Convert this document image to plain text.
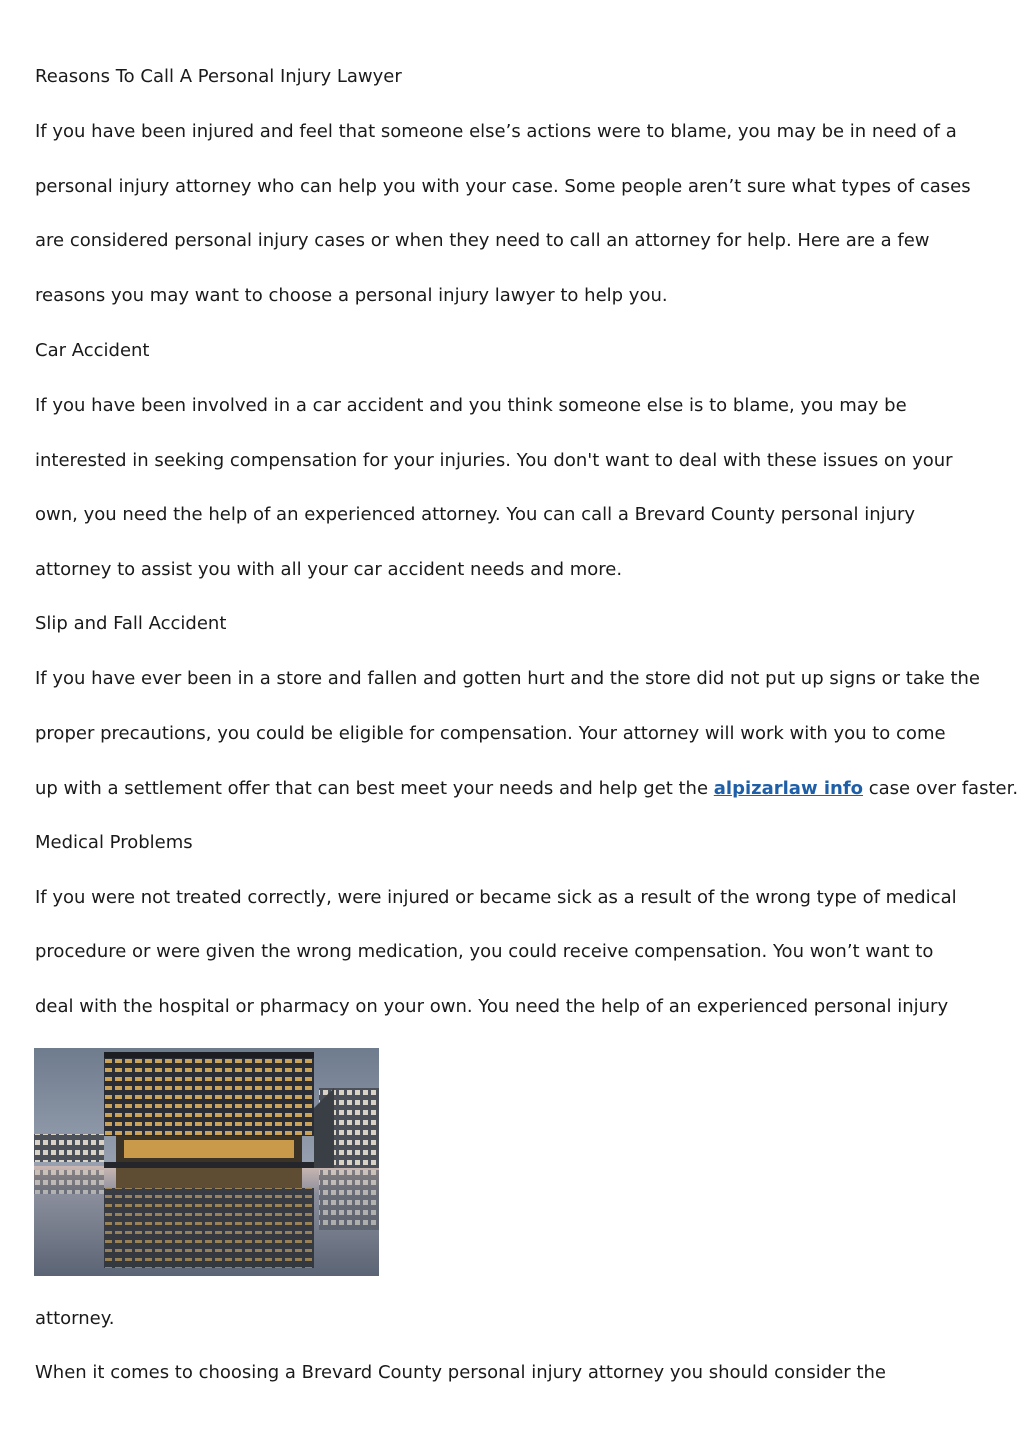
Reasons To Call A Personal Injury Lawyer
If you have been injured and feel that someone else’s actions were to blame, you may be in need of a
personal injury attorney who can help you with your case. Some people aren’t sure what types of cases
are considered personal injury cases or when they need to call an attorney for help. Here are a few
reasons you may want to choose a personal injury lawyer to help you.
Car Accident
If you have been involved in a car accident and you think someone else is to blame, you may be
interested in seeking compensation for your injuries. You don't want to deal with these issues on your
own, you need the help of an experienced attorney. You can call a Brevard County personal injury
attorney to assist you with all your car accident needs and more.
Slip and Fall Accident
If you have ever been in a store and fallen and gotten hurt and the store did not put up signs or take the
proper precautions, you could be eligible for compensation. Your attorney will work with you to come
up with a settlement offer that can best meet your needs and help get the alpizarlaw info case over faster.
Medical Problems
If you were not treated correctly, were injured or became sick as a result of the wrong type of medical
procedure or were given the wrong medication, you could receive compensation. You won’t want to
deal with the hospital or pharmacy on your own. You need the help of an experienced personal injury
attorney.
When it comes to choosing a Brevard County personal injury attorney you should consider the
